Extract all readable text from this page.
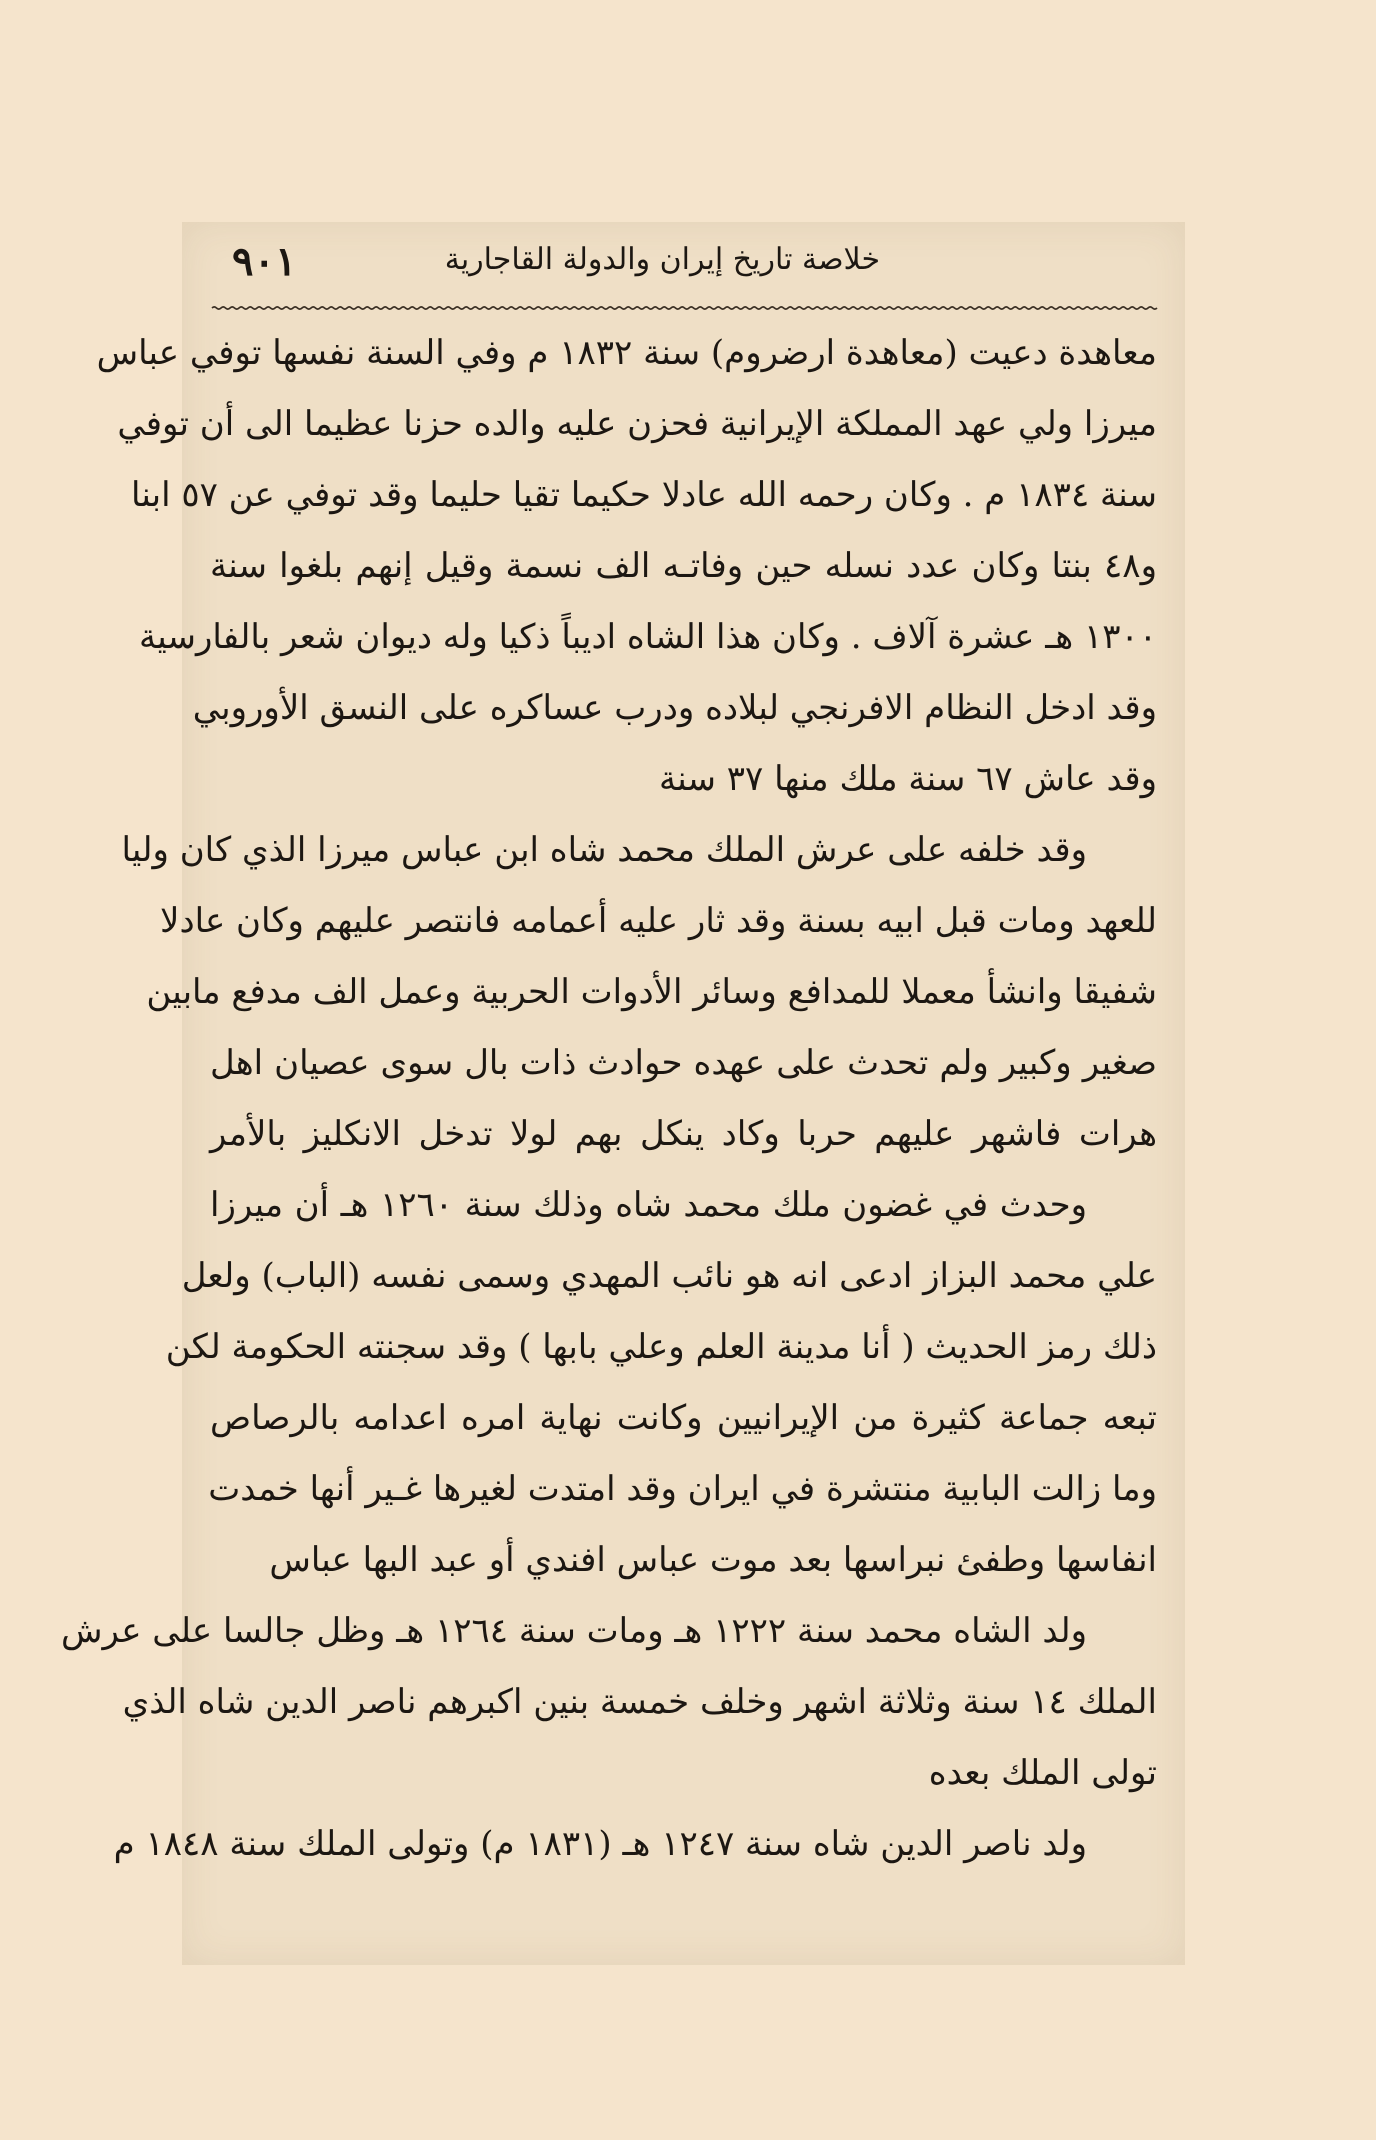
خلاصة تاريخ إيران والدولة القاجارية
٩٠١
معاهدة دعيت (معاهدة ارضروم) سنة ١٨٣٢ م وفي السنة نفسها توفي عباس
ميرزا ولي عهد المملكة الإيرانية فحزن عليه والده حزنا عظيما الى أن توفي
سنة ١٨٣٤ م . وكان رحمه الله عادلا حكيما تقيا حليما وقد توفي عن ٥٧ ابنا
و٤٨ بنتا وكان عدد نسله حين وفاتـه الف نسمة وقيل إنهم بلغوا سنة
١٣٠٠ هـ عشرة آلاف . وكان هذا الشاه اديباً ذكيا وله ديوان شعر بالفارسية
وقد ادخل النظام الافرنجي لبلاده ودرب عساكره على النسق الأوروبي
وقد عاش ٦٧ سنة ملك منها ٣٧ سنة
وقد خلفه على عرش الملك محمد شاه ابن عباس ميرزا الذي كان وليا
للعهد ومات قبل ابيه بسنة وقد ثار عليه أعمامه فانتصر عليهم وكان عادلا
شفيقا وانشأ معملا للمدافع وسائر الأدوات الحربية وعمل الف مدفع مابين
صغير وكبير ولم تحدث على عهده حوادث ذات بال سوى عصيان اهل
هرات فاشهر عليهم حربا وكاد ينكل بهم لولا تدخل الانكليز بالأمر
وحدث في غضون ملك محمد شاه وذلك سنة ١٢٦٠ هـ أن ميرزا
علي محمد البزاز ادعى انه هو نائب المهدي وسمى نفسه (الباب) ولعل
ذلك رمز الحديث ( أنا مدينة العلم وعلي بابها ) وقد سجنته الحكومة لكن
تبعه جماعة كثيرة من الإيرانيين وكانت نهاية امره اعدامه بالرصاص
وما زالت البابية منتشرة في ايران وقد امتدت لغيرها غـير أنها خمدت
انفاسها وطفئ نبراسها بعد موت عباس افندي أو عبد البها عباس
ولد الشاه محمد سنة ١٢٢٢ هـ ومات سنة ١٢٦٤ هـ وظل جالسا على عرش
الملك ١٤ سنة وثلاثة اشهر وخلف خمسة بنين اكبرهم ناصر الدين شاه الذي
تولى الملك بعده
ولد ناصر الدين شاه سنة ١٢٤٧ هـ (١٨٣١ م) وتولى الملك سنة ١٨٤٨ م
